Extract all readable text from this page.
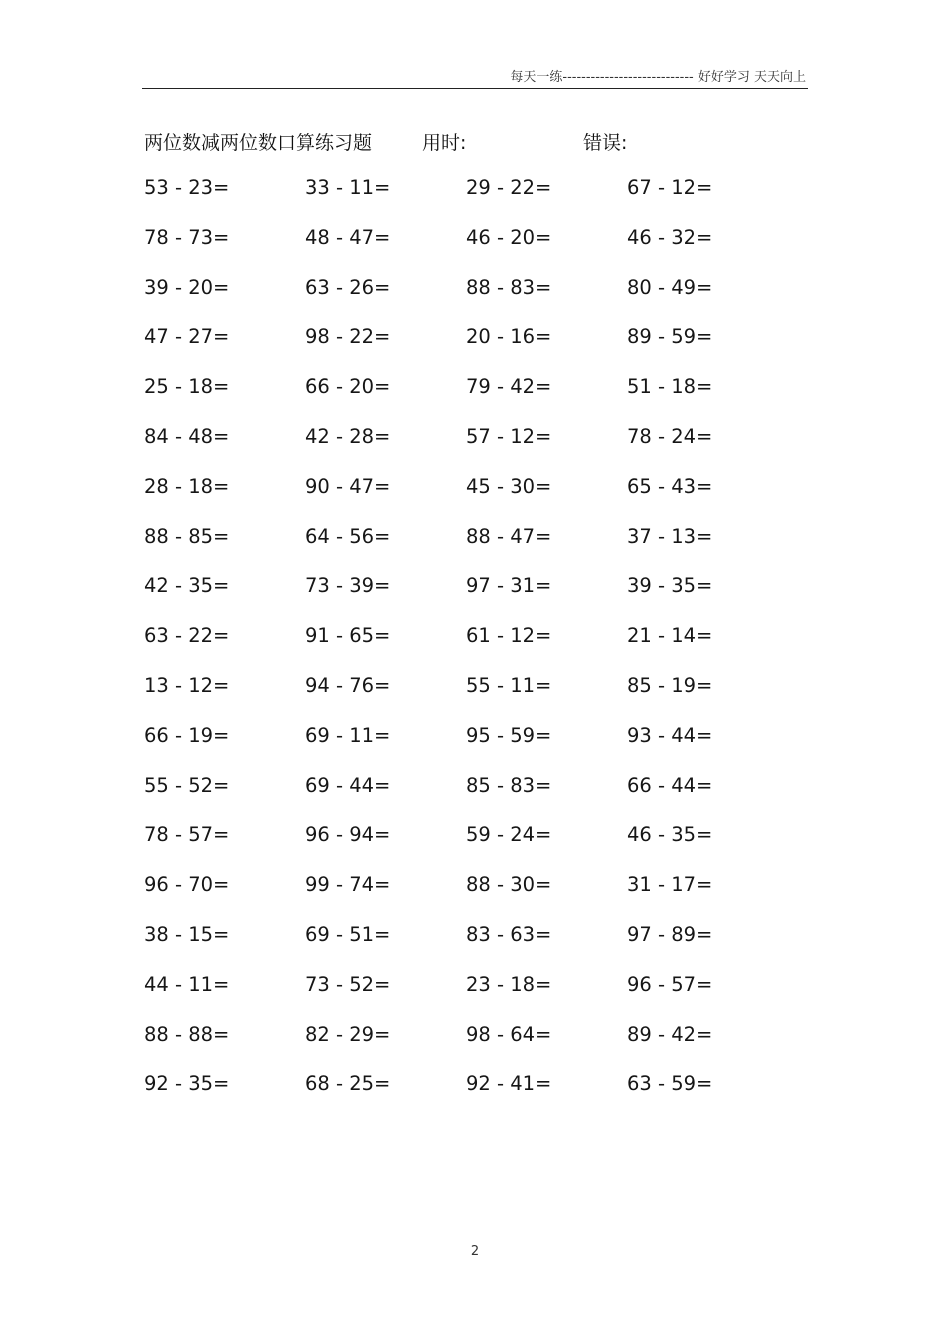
每天一练---------------------------- 好好学习 天天向上
两位数减两位数口算练习题	用时:	错误:
53 - 23=	33 - 11=	29 - 22=	67 - 12=
78 - 73=	48 - 47=	46 - 20=	46 - 32=
39 - 20=	63 - 26=	88 - 83=	80 - 49=
47 - 27=	98 - 22=	20 - 16=	89 - 59=
25 - 18=	66 - 20=	79 - 42=	51 - 18=
84 - 48=	42 - 28=	57 - 12=	78 - 24=
28 - 18=	90 - 47=	45 - 30=	65 - 43=
88 - 85=	64 - 56=	88 - 47=	37 - 13=
42 - 35=	73 - 39=	97 - 31=	39 - 35=
63 - 22=	91 - 65=	61 - 12=	21 - 14=
13 - 12=	94 - 76=	55 - 11=	85 - 19=
66 - 19=	69 - 11=	95 - 59=	93 - 44=
55 - 52=	69 - 44=	85 - 83=	66 - 44=
78 - 57=	96 - 94=	59 - 24=	46 - 35=
96 - 70=	99 - 74=	88 - 30=	31 - 17=
38 - 15=	69 - 51=	83 - 63=	97 - 89=
44 - 11=	73 - 52=	23 - 18=	96 - 57=
88 - 88=	82 - 29=	98 - 64=	89 - 42=
92 - 35=	68 - 25=	92 - 41=	63 - 59=
2
